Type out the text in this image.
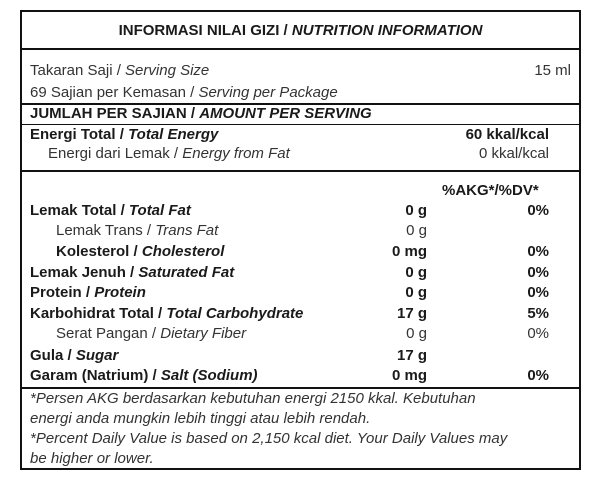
INFORMASI NILAI GIZI / NUTRITION INFORMATION
Takaran Saji / Serving Size	15 ml
69 Sajian per Kemasan / Serving per Package
JUMLAH PER SAJIAN / AMOUNT PER SERVING
Energi Total / Total Energy	60 kkal/kcal
Energi dari Lemak / Energy from Fat	0 kkal/kcal
%AKG*/%DV*
Lemak Total / Total Fat	0 g	0%
Lemak Trans / Trans Fat	0 g
Kolesterol / Cholesterol	0 mg	0%
Lemak Jenuh / Saturated Fat	0 g	0%
Protein / Protein	0 g	0%
Karbohidrat Total / Total Carbohydrate	17 g	5%
Serat Pangan / Dietary Fiber	0 g	0%
Gula / Sugar	17 g
Garam (Natrium) / Salt (Sodium)	0 mg	0%
*Persen AKG berdasarkan kebutuhan energi 2150 kkal. Kebutuhan
energi anda mungkin lebih tinggi atau lebih rendah.
*Percent Daily Value is based on 2,150 kcal diet. Your Daily Values may
be higher or lower.
